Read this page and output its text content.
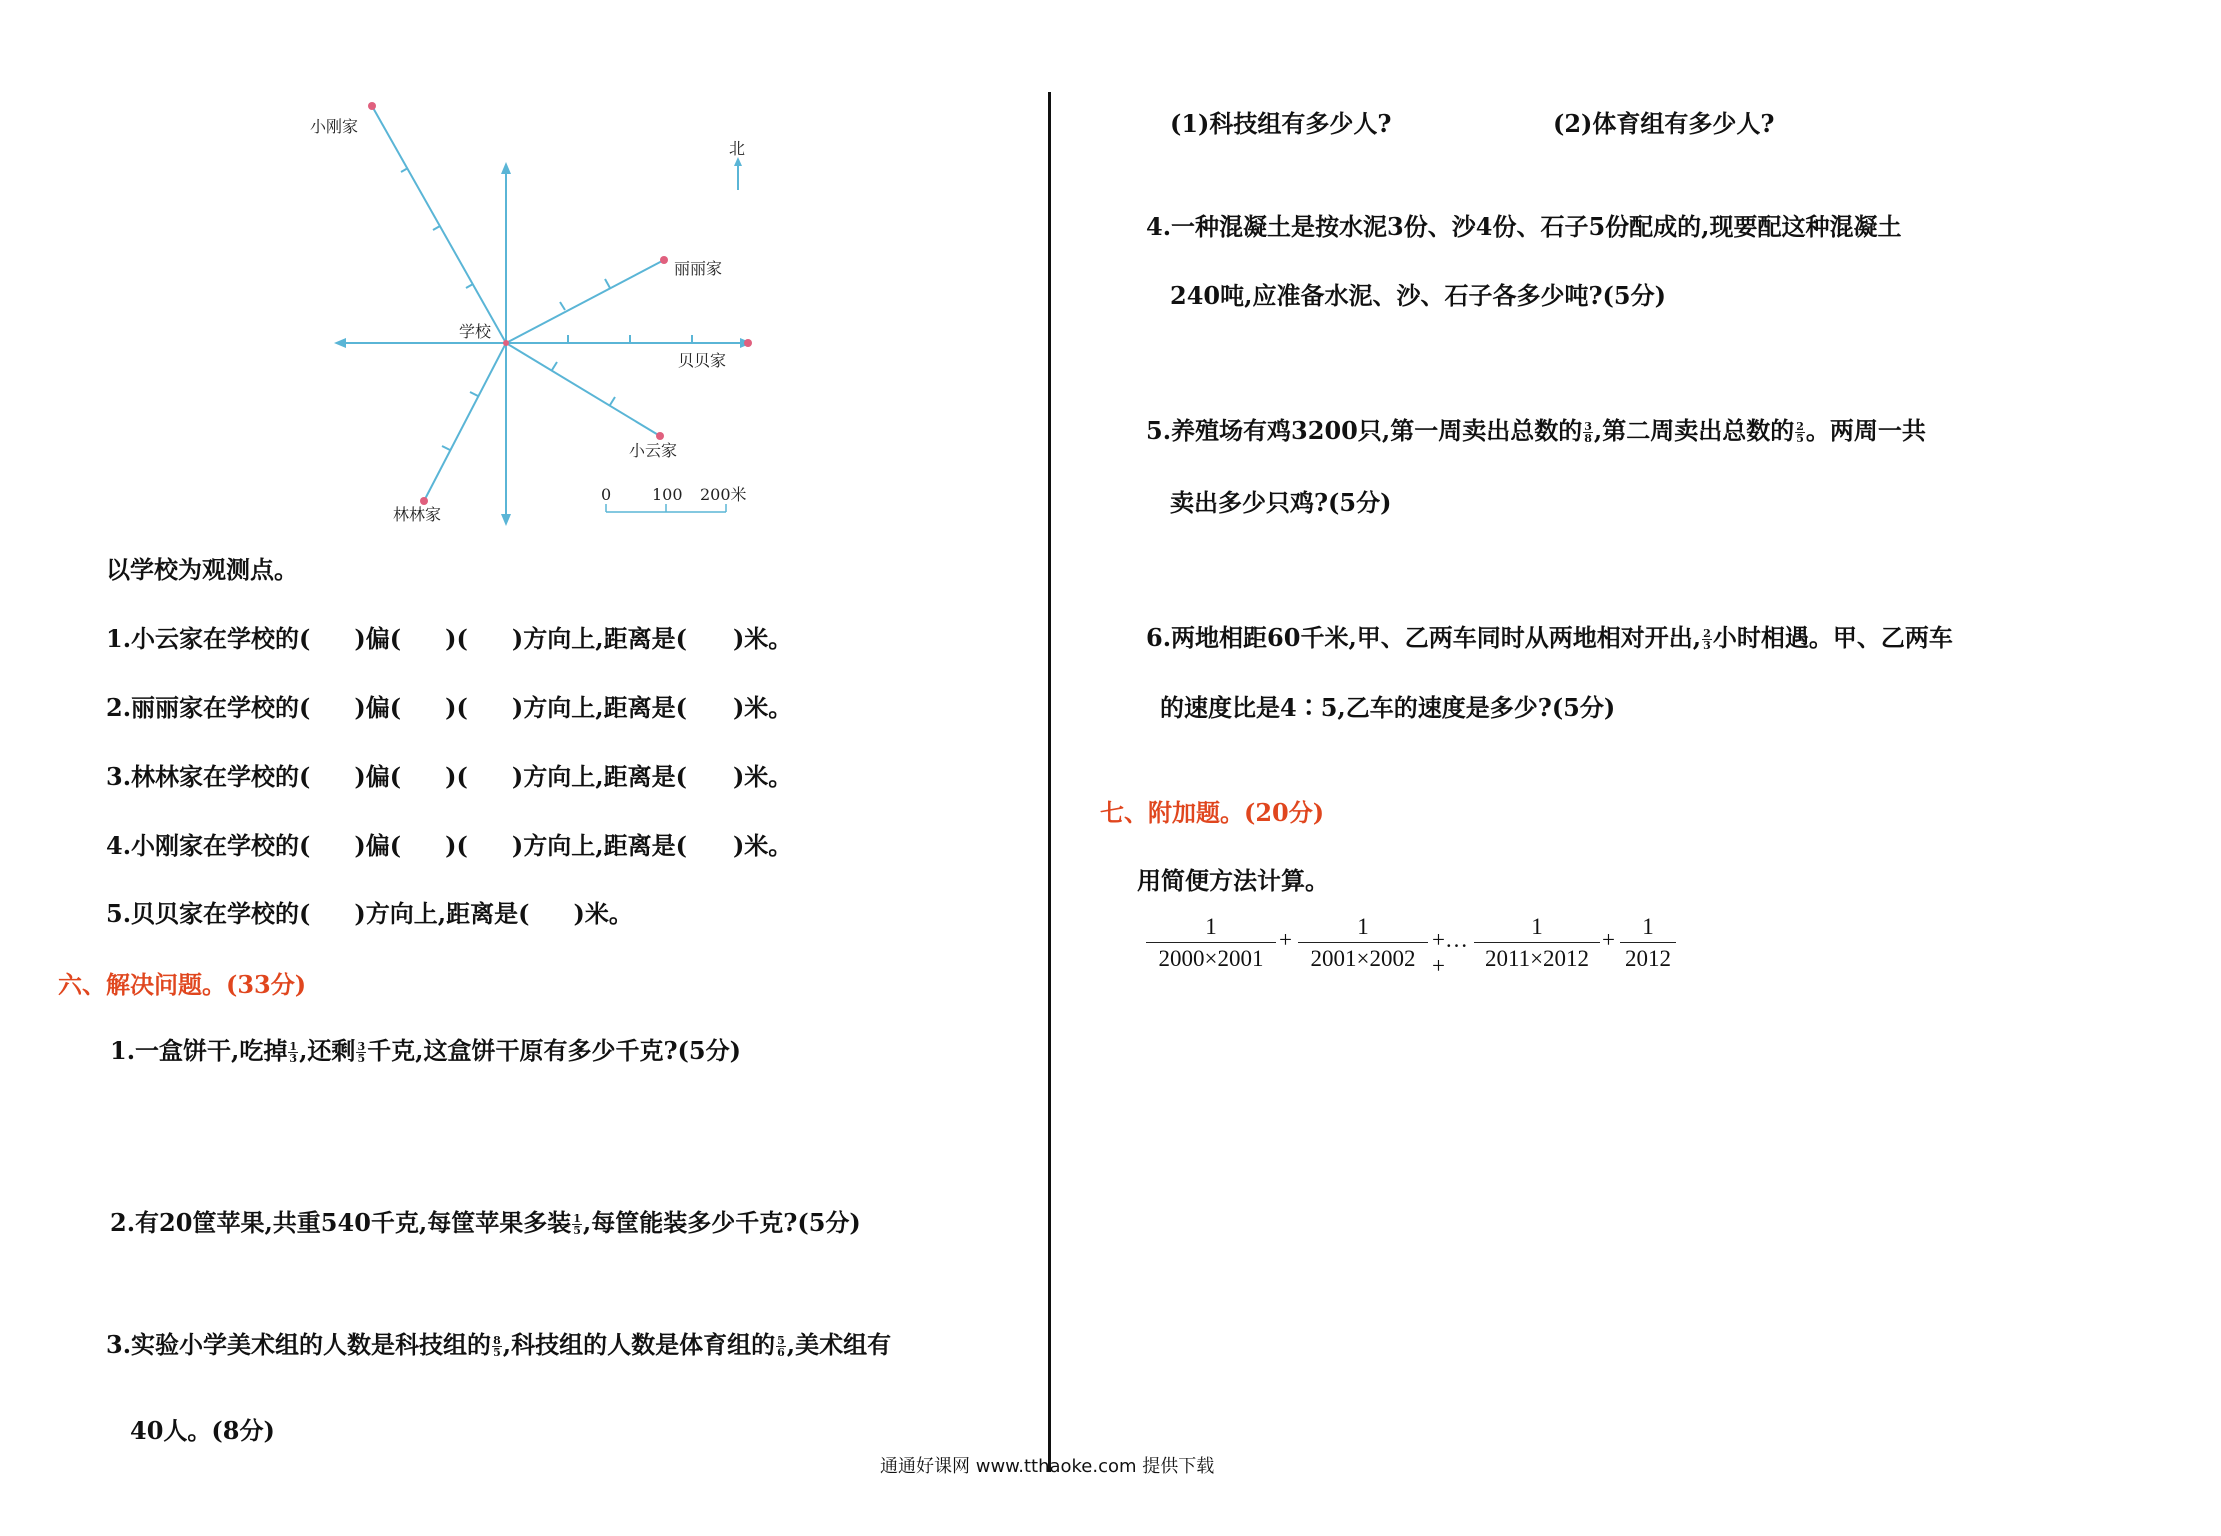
小刚家
北
丽丽家
学校
贝贝家
小云家
林林家
0	100 200米
以学校为观测点。
1.小云家在学校的( )偏( )( )方向上,距离是( )米。
2.丽丽家在学校的( )偏( )( )方向上,距离是( )米。
3.林林家在学校的( )偏( )( )方向上,距离是( )米。
4.小刚家在学校的( )偏( )( )方向上,距离是( )米。
5.贝贝家在学校的( )方向上,距离是( )米。
六、解决问题。(33分)
1.一盒饼干,吃掉 $\frac{1}{3}$ ,还剩 $\frac{3}{5}$ 千克,这盒饼干原有多少千克?(5分)
2.有20筐苹果,共重540千克,每筐苹果多装 $\frac{1}{5}$ ,每筐能装多少千克?(5分)
3.实验小学美术组的人数是科技组的 $\frac{8}{5}$ ,科技组的人数是体育组的 $\frac{5}{6}$ ,美术组有
40人。(8分)
(1)科技组有多少人?	(2)体育组有多少人?
4.一种混凝土是按水泥3份、沙4份、石子5份配成的,现要配这种混凝土
240吨,应准备水泥、沙、石子各多少吨?(5分)
5.养殖场有鸡3200只,第一周卖出总数的 $\frac{3}{8}$ ,第二周卖出总数的 $\frac{2}{5}$ 。两周一共
卖出多少只鸡?(5分)
6.两地相距60千米,甲、乙两车同时从两地相对开出, $\frac{2}{3}$ 小时相遇。甲、乙两车
的速度比是4∶5,乙车的速度是多少?(5分)
七、附加题。(20分)
用简便方法计算。
1
2000×2001
+
1
2001×2002
+…+
1
2011×2012
+
1
2012
通通好课网 www.tthaoke.com 提供下载
